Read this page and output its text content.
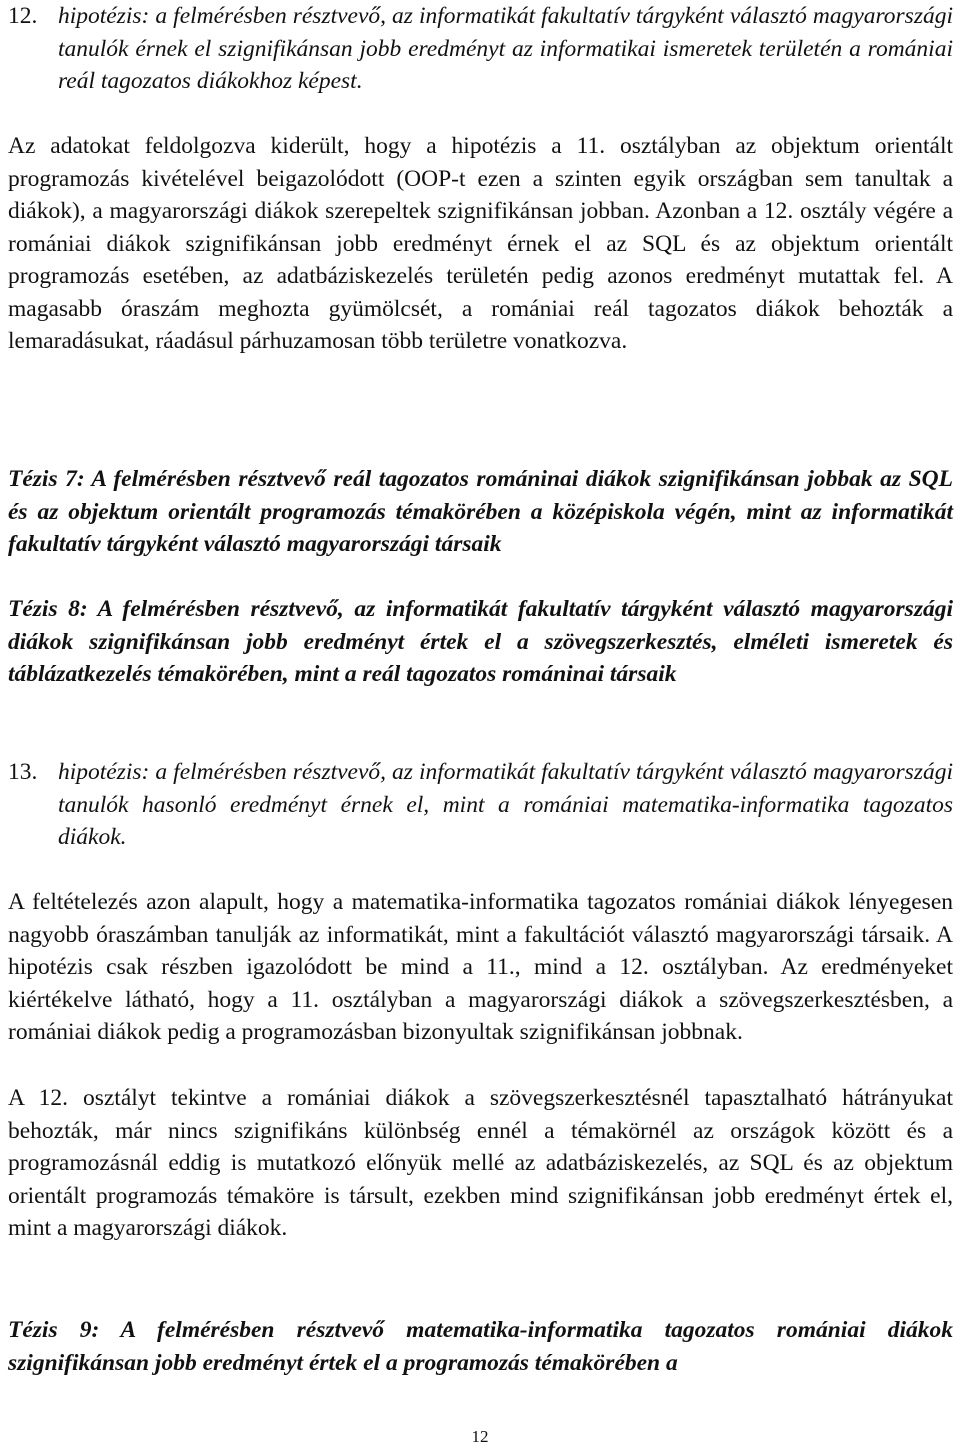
12. hipotézis: a felmérésben résztvevő, az informatikát fakultatív tárgyként választó magyarországi tanulók érnek el szignifikánsan jobb eredményt az informatikai ismeretek területén a romániai reál tagozatos diákokhoz képest.

Az adatokat feldolgozva kiderült, hogy a hipotézis a 11. osztályban az objektum orientált programozás kivételével beigazolódott (OOP-t ezen a szinten egyik országban sem tanultak a diákok), a magyarországi diákok szerepeltek szignifikánsan jobban. Azonban a 12. osztály végére a romániai diákok szignifikánsan jobb eredményt érnek el az SQL és az objektum orientált programozás esetében, az adatbáziskezelés területén pedig azonos eredményt mutattak fel. A magasabb óraszám meghozta gyümölcsét, a romániai reál tagozatos diákok behozták a lemaradásukat, ráadásul párhuzamosan több területre vonatkozva.

Tézis 7: A felmérésben résztvevő reál tagozatos románinai diákok szignifikánsan jobbak az SQL és az objektum orientált programozás témakörében a középiskola végén, mint az informatikát fakultatív tárgyként választó magyarországi társaik

Tézis 8: A felmérésben résztvevő, az informatikát fakultatív tárgyként választó magyarországi diákok szignifikánsan jobb eredményt értek el a szövegszerkesztés, elméleti ismeretek és táblázatkezelés témakörében, mint a reál tagozatos románinai társaik

13. hipotézis: a felmérésben résztvevő, az informatikát fakultatív tárgyként választó magyarországi tanulók hasonló eredményt érnek el, mint a romániai matematika-informatika tagozatos diákok.

A feltételezés azon alapult, hogy a matematika-informatika tagozatos romániai diákok lényegesen nagyobb óraszámban tanulják az informatikát, mint a fakultációt választó magyarországi társaik. A hipotézis csak részben igazolódott be mind a 11., mind a 12. osztályban. Az eredményeket kiértékelve látható, hogy a 11. osztályban a magyarországi diákok a szövegszerkesztésben, a romániai diákok pedig a programozásban bizonyultak szignifikánsan jobbnak.

A 12. osztályt tekintve a romániai diákok a szövegszerkesztésnél tapasztalható hátrányukat behozták, már nincs szignifikáns különbség ennél a témakörnél az országok között és a programozásnál eddig is mutatkozó előnyük mellé az adatbáziskezelés, az SQL és az objektum orientált programozás témaköre is társult, ezekben mind szignifikánsan jobb eredményt értek el, mint a magyarországi diákok.

Tézis 9: A felmérésben résztvevő matematika-informatika tagozatos romániai diákok szignifikánsan jobb eredményt értek el a programozás témakörében a

12
